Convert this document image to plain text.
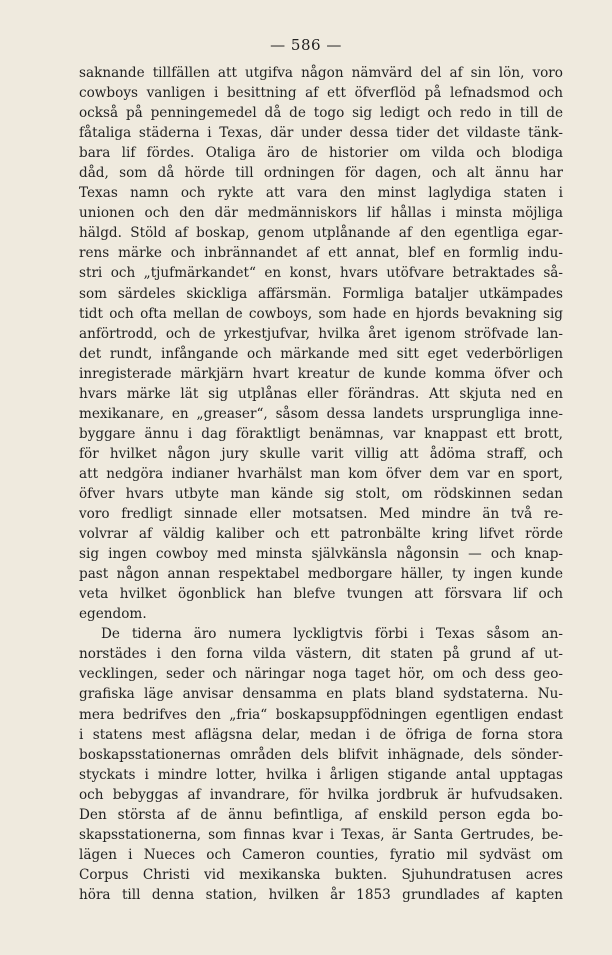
— 586 —
saknande tillfällen att utgifva någon nämvärd del af sin lön, voro
cowboys vanligen i besittning af ett öfverflöd på lefnadsmod och
också på penningemedel då de togo sig ledigt och redo in till de
fåtaliga städerna i Texas, där under dessa tider det vildaste tänk-
bara lif fördes. Otaliga äro de historier om vilda och blodiga
dåd, som då hörde till ordningen för dagen, och alt ännu har
Texas namn och rykte att vara den minst laglydiga staten i
unionen och den där medmänniskors lif hållas i minsta möjliga
hälgd. Stöld af boskap, genom utplånande af den egentliga egar-
rens märke och inbrännandet af ett annat, blef en formlig indu-
stri och „tjufmärkandet“ en konst, hvars utöfvare betraktades så-
som särdeles skickliga affärsmän. Formliga bataljer utkämpades
tidt och ofta mellan de cowboys, som hade en hjords bevakning sig
anförtrodd, och de yrkestjufvar, hvilka året igenom ströfvade lan-
det rundt, infångande och märkande med sitt eget vederbörligen
inregisterade märkjärn hvart kreatur de kunde komma öfver och
hvars märke lät sig utplånas eller förändras. Att skjuta ned en
mexikanare, en „greaser“, såsom dessa landets ursprungliga inne-
byggare ännu i dag föraktligt benämnas, var knappast ett brott,
för hvilket någon jury skulle varit villig att ådöma straff, och
att nedgöra indianer hvarhälst man kom öfver dem var en sport,
öfver hvars utbyte man kände sig stolt, om rödskinnen sedan
voro fredligt sinnade eller motsatsen. Med mindre än två re-
volvrar af väldig kaliber och ett patronbälte kring lifvet rörde
sig ingen cowboy med minsta självkänsla någonsin — och knap-
past någon annan respektabel medborgare häller, ty ingen kunde
veta hvilket ögonblick han blefve tvungen att försvara lif och
egendom.
De tiderna äro numera lyckligtvis förbi i Texas såsom an-
norstädes i den forna vilda västern, dit staten på grund af ut-
vecklingen, seder och näringar noga taget hör, om och dess geo-
grafiska läge anvisar densamma en plats bland sydstaterna. Nu-
mera bedrifves den „fria“ boskapsuppfödningen egentligen endast
i statens mest aflägsna delar, medan i de öfriga de forna stora
boskapsstationernas områden dels blifvit inhägnade, dels sönder-
styckats i mindre lotter, hvilka i årligen stigande antal upptagas
och bebyggas af invandrare, för hvilka jordbruk är hufvudsaken.
Den största af de ännu befintliga, af enskild person egda bo-
skapsstationerna, som finnas kvar i Texas, är Santa Gertrudes, be-
lägen i Nueces och Cameron counties, fyratio mil sydväst om
Corpus Christi vid mexikanska bukten. Sjuhundratusen acres
höra till denna station, hvilken år 1853 grundlades af kapten
